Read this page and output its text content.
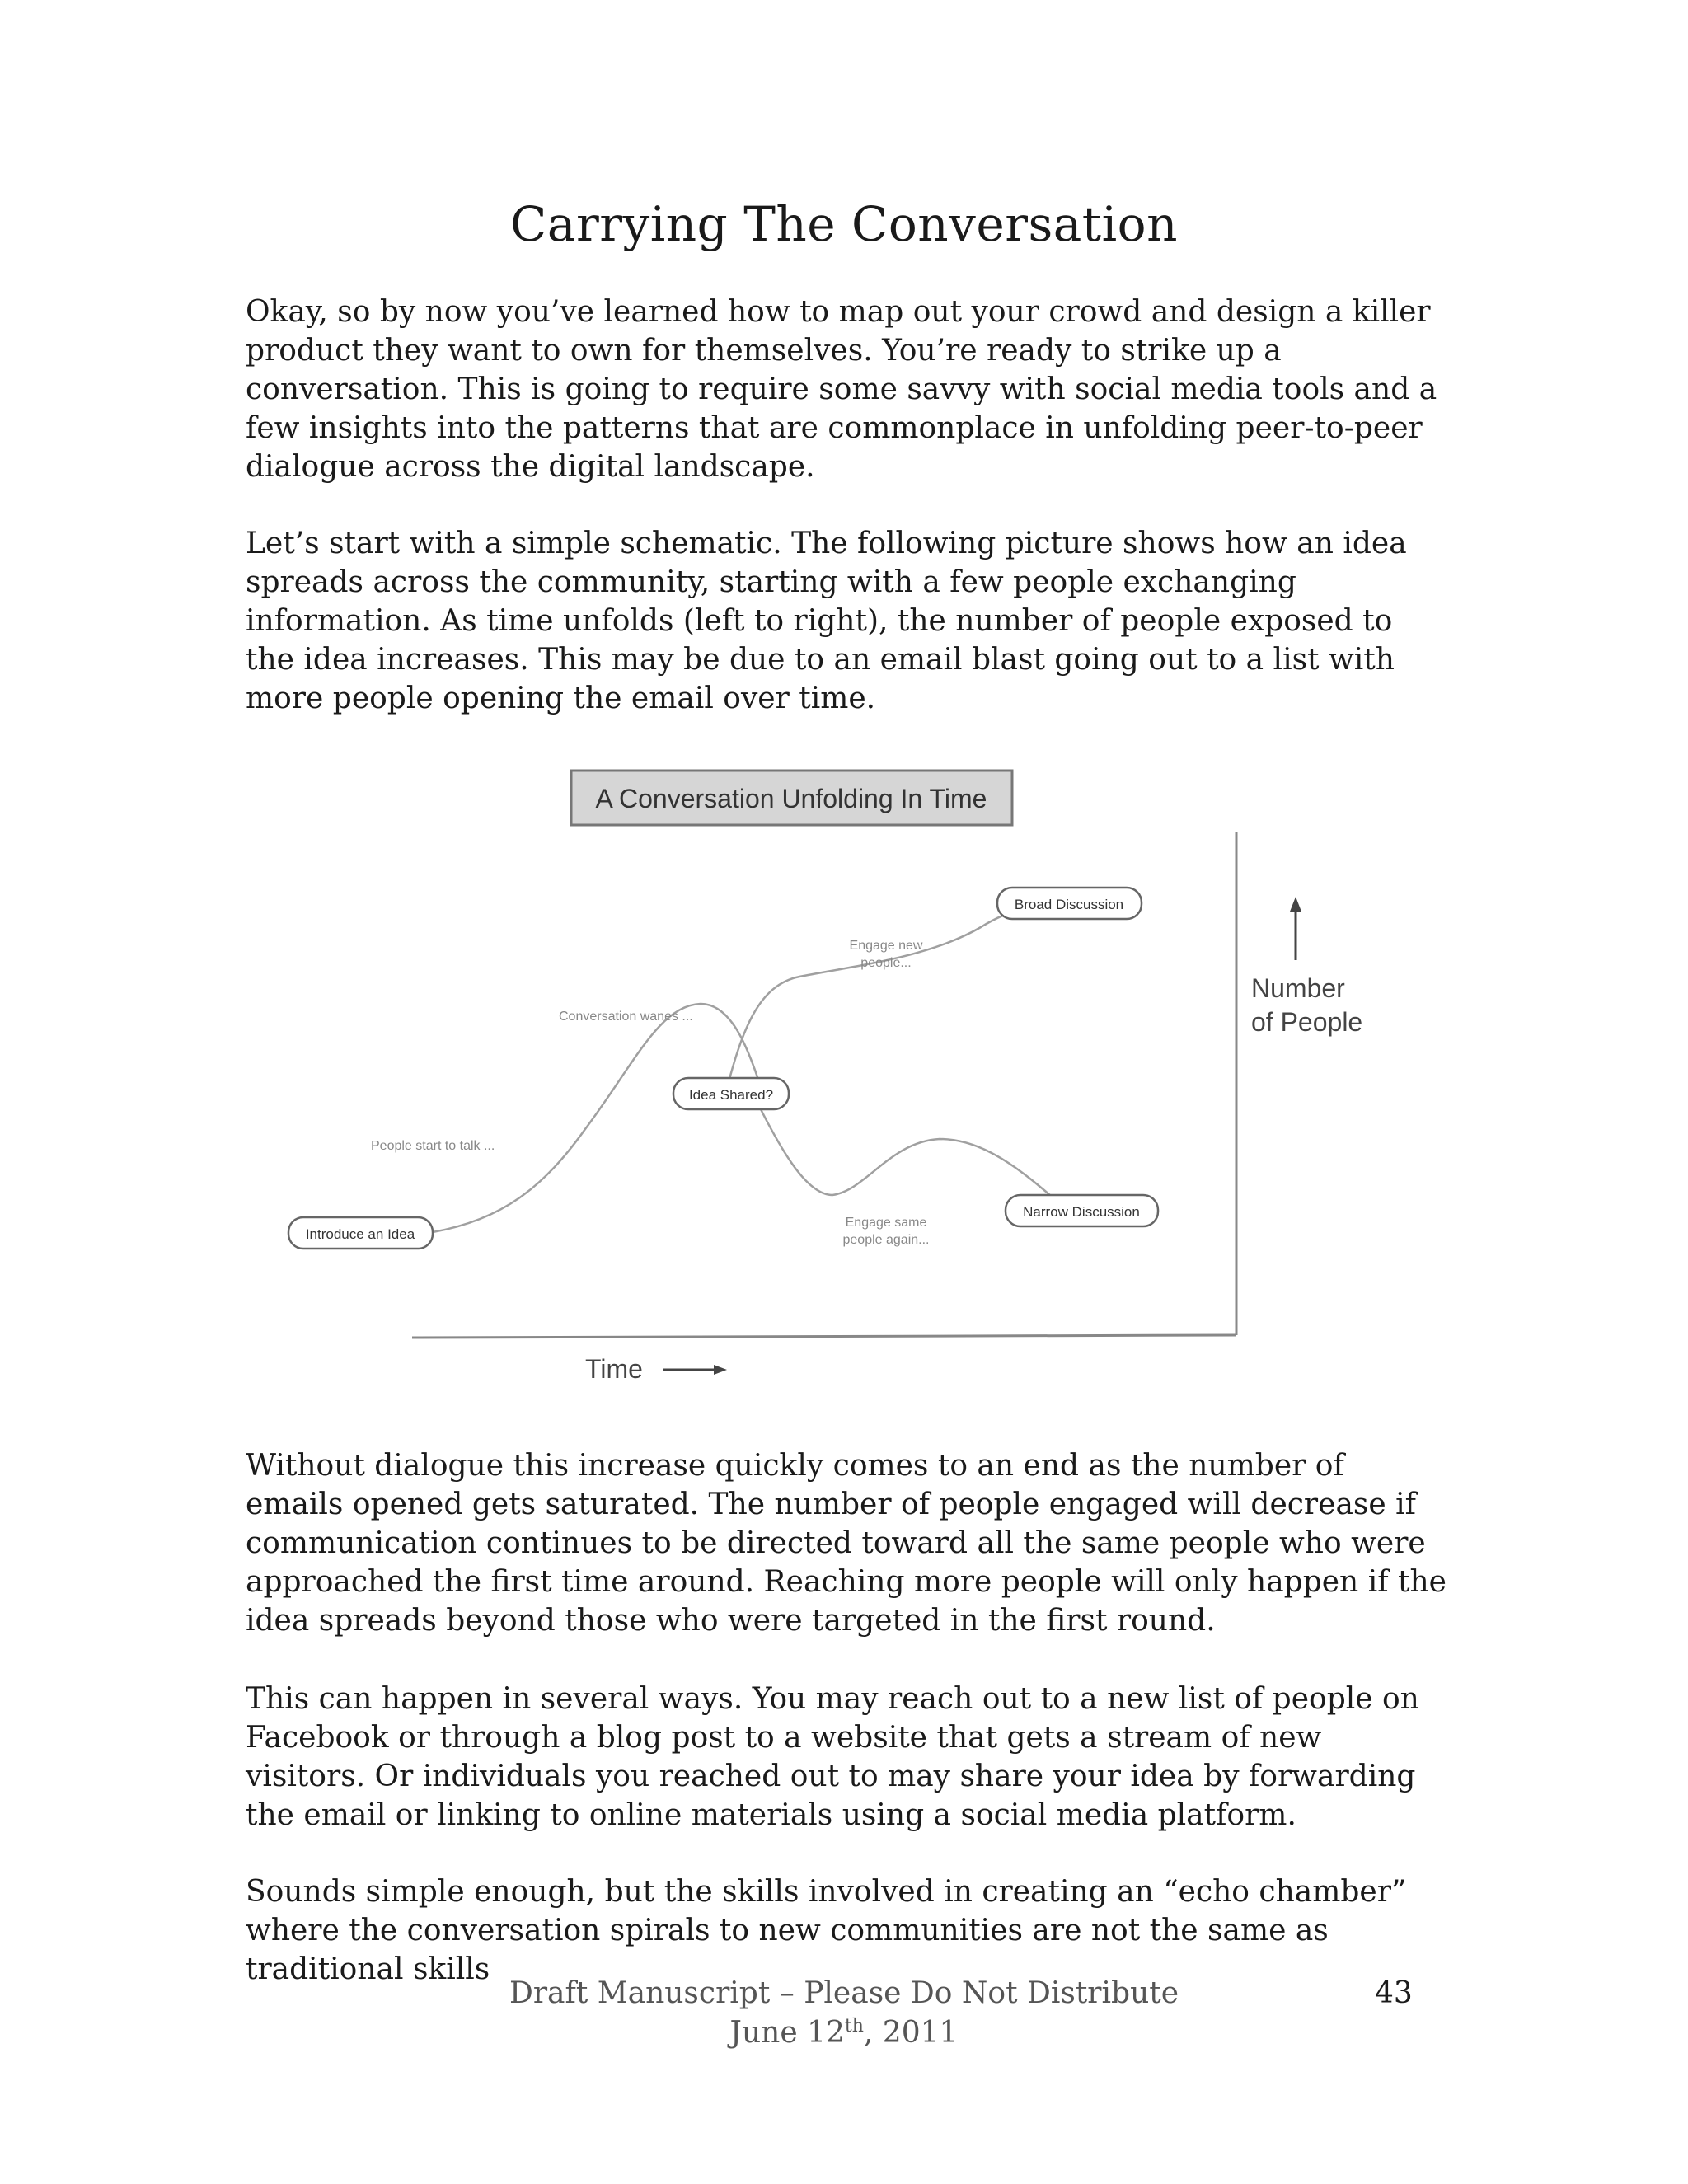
Carrying The Conversation

Okay, so by now you’ve learned how to map out your crowd and design a killer product they want to own for themselves. You’re ready to strike up a conversation. This is going to require some savvy with social media tools and a few insights into the patterns that are commonplace in unfolding peer-to-peer dialogue across the digital landscape.

Let’s start with a simple schematic. The following picture shows how an idea spreads across the community, starting with a few people exchanging information. As time unfolds (left to right), the number of people exposed to the idea increases. This may be due to an email blast going out to a list with more people opening the email over time.

A Conversation Unfolding In Time
Number
of People
Time
Introduce an Idea
Idea Shared?
Broad Discussion
Narrow Discussion
People start to talk ...
Conversation wanes ...
Engage new
people...
Engage same
people again...

Without dialogue this increase quickly comes to an end as the number of emails opened gets saturated. The number of people engaged will decrease if communication continues to be directed toward all the same people who were approached the first time around. Reaching more people will only happen if the idea spreads beyond those who were targeted in the first round.

This can happen in several ways. You may reach out to a new list of people on Facebook or through a blog post to a website that gets a stream of new visitors. Or individuals you reached out to may share your idea by forwarding the email or linking to online materials using a social media platform.

Sounds simple enough, but the skills involved in creating an “echo chamber” where the conversation spirals to new communities are not the same as traditional skills

Draft Manuscript – Please Do Not Distribute

June 12th, 2011

43
